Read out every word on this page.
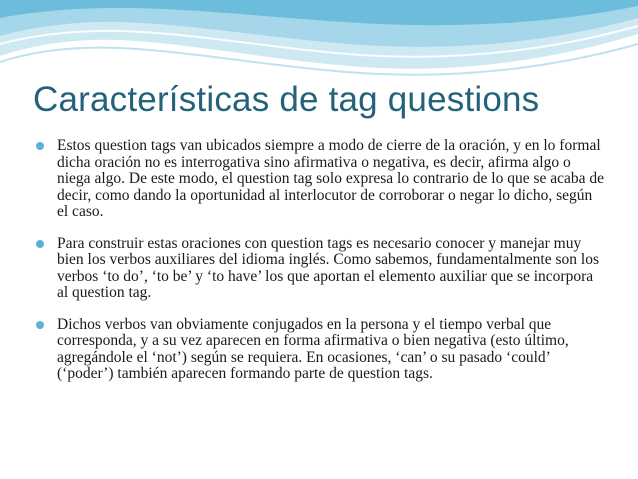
Características de tag questions
Estos question tags van ubicados siempre a modo de cierre de la oración, y en lo formal dicha oración no es interrogativa sino afirmativa o negativa, es decir, afirma algo o niega algo. De este modo, el question tag solo expresa lo contrario de lo que se acaba de decir, como dando la oportunidad al interlocutor de corroborar o negar lo dicho, según el caso.
Para construir estas oraciones con question tags es necesario conocer y manejar muy bien los verbos auxiliares del idioma inglés. Como sabemos, fundamentalmente son los verbos ‘to do’, ‘to be’ y ‘to have’ los que aportan el elemento auxiliar que se incorpora al question tag.
Dichos verbos van obviamente conjugados en la persona y el tiempo verbal que corresponda, y a su vez aparecen en forma afirmativa o bien negativa (esto último, agregándole el ‘not’) según se requiera. En ocasiones, ‘can’ o su pasado ‘could’ (‘poder’) también aparecen formando parte de question tags.
